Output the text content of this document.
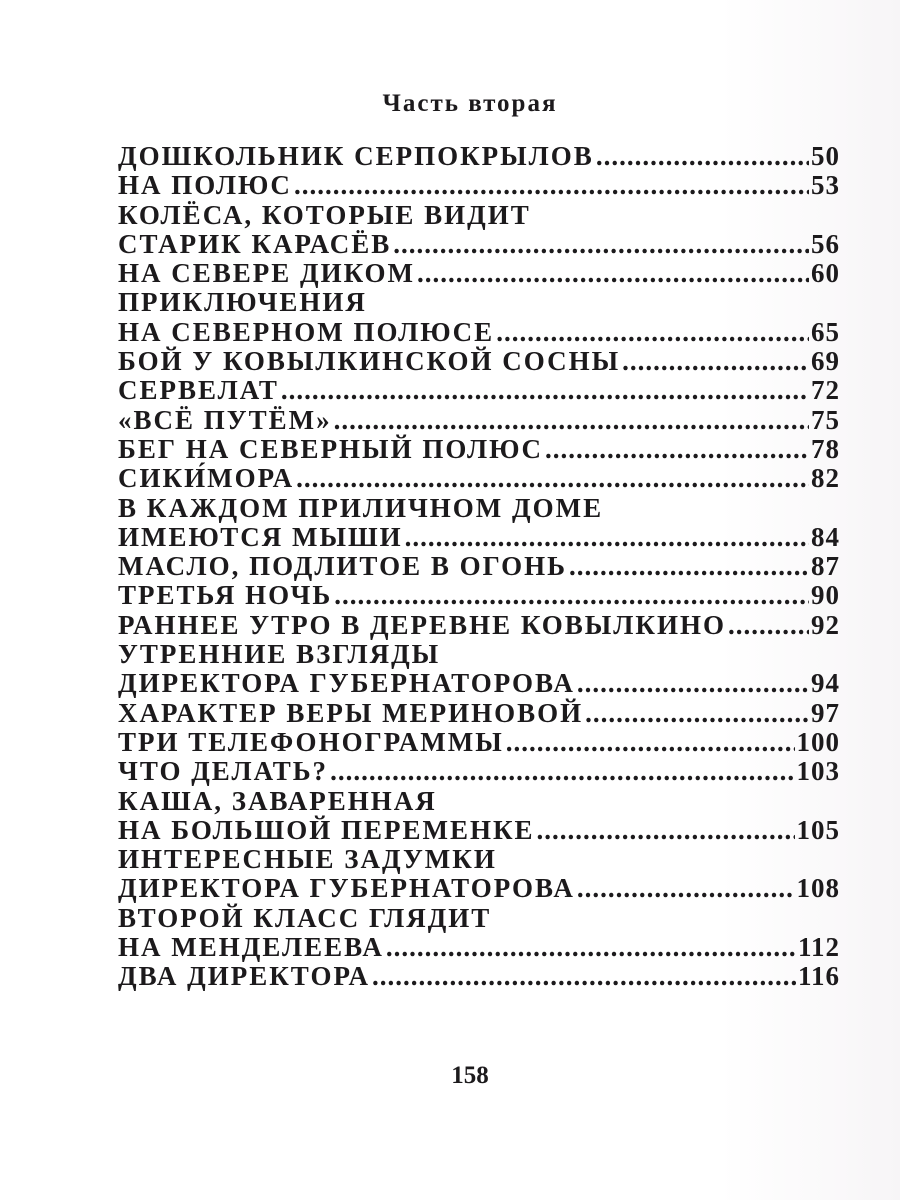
Часть вторая
ДОШКОЛЬНИК СЕРПОКРЫЛОВ .....	50
НА ПОЛЮС .....	53
КОЛЁСА, КОТОРЫЕ ВИДИТ
СТАРИК КАРАСЁВ .....	56
НА СЕВЕРЕ ДИКОМ .....	60
ПРИКЛЮЧЕНИЯ
НА СЕВЕРНОМ ПОЛЮСЕ .....	65
БОЙ У КОВЫЛКИНСКОЙ СОСНЫ .....	69
СЕРВЕЛАТ .....	72
«ВСЁ ПУТЁМ» .....	75
БЕГ НА СЕВЕРНЫЙ ПОЛЮС .....	78
СИКИ́МОРА .....	82
В КАЖДОМ ПРИЛИЧНОМ ДОМЕ
ИМЕЮТСЯ МЫШИ .....	84
МАСЛО, ПОДЛИТОЕ В ОГОНЬ .....	87
ТРЕТЬЯ НОЧЬ .....	90
РАННЕЕ УТРО В ДЕРЕВНЕ КОВЫЛКИНО .....	92
УТРЕННИЕ ВЗГЛЯДЫ
ДИРЕКТОРА ГУБЕРНАТОРОВА .....	94
ХАРАКТЕР ВЕРЫ МЕРИНОВОЙ .....	97
ТРИ ТЕЛЕФОНОГРАММЫ .....	100
ЧТО ДЕЛАТЬ? .....	103
КАША, ЗАВАРЕННАЯ
НА БОЛЬШОЙ ПЕРЕМЕНКЕ .....	105
ИНТЕРЕСНЫЕ ЗАДУМКИ
ДИРЕКТОРА ГУБЕРНАТОРОВА .....	108
ВТОРОЙ КЛАСС ГЛЯДИТ
НА МЕНДЕЛЕЕВА .....	112
ДВА ДИРЕКТОРА .....	116
158
